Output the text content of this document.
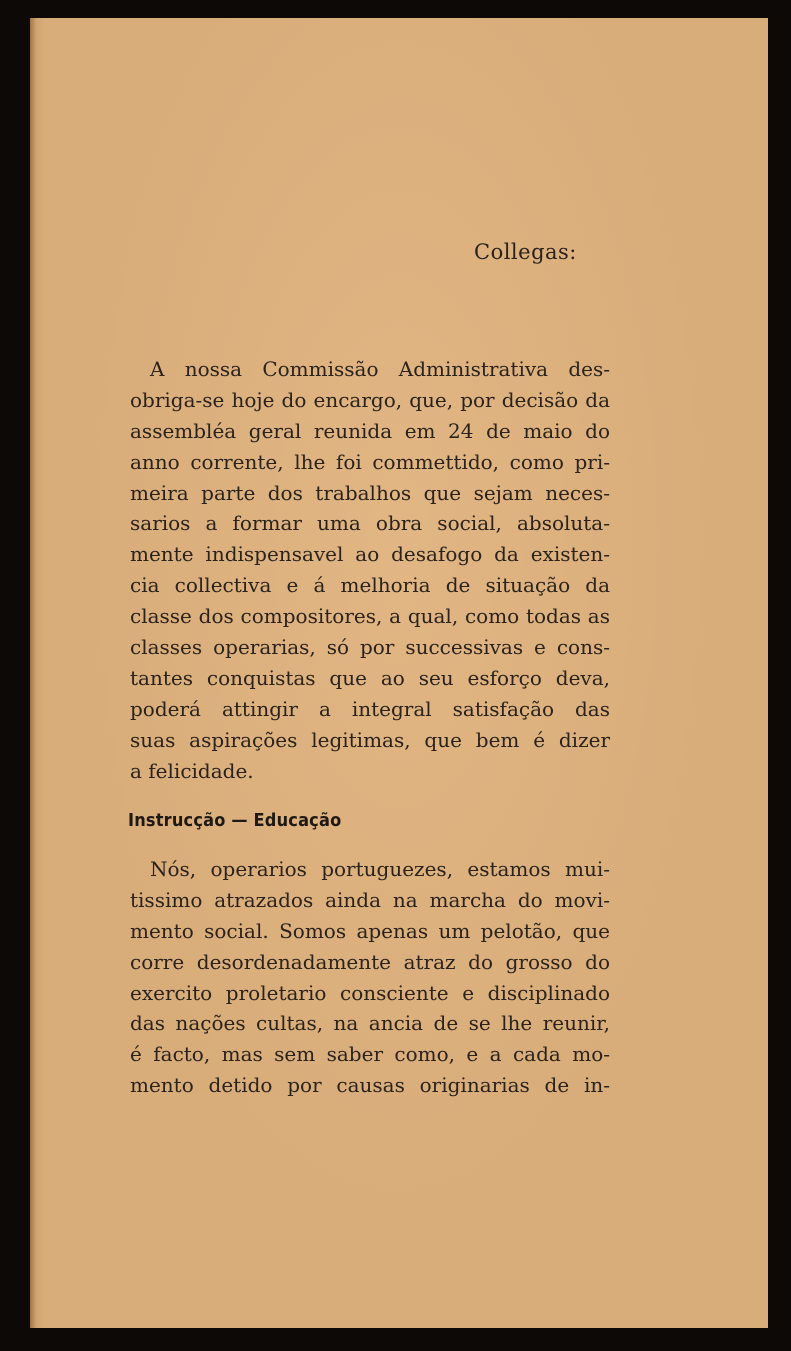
Collegas:
A nossa Commissão Administrativa des-
obriga-se hoje do encargo, que, por decisão da
assembléa geral reunida em 24 de maio do
anno corrente, lhe foi commettido, como pri-
meira parte dos trabalhos que sejam neces-
sarios a formar uma obra social, absoluta-
mente indispensavel ao desafogo da existen-
cia collectiva e á melhoria de situação da
classe dos compositores, a qual, como todas as
classes operarias, só por successivas e cons-
tantes conquistas que ao seu esforço deva,
poderá attingir a integral satisfação das
suas aspirações legitimas, que bem é dizer
a felicidade.
Instrucção — Educação
Nós, operarios portuguezes, estamos mui-
tissimo atrazados ainda na marcha do movi-
mento social. Somos apenas um pelotão, que
corre desordenadamente atraz do grosso do
exercito proletario consciente e disciplinado
das nações cultas, na ancia de se lhe reunir,
é facto, mas sem saber como, e a cada mo-
mento detido por causas originarias de in-
